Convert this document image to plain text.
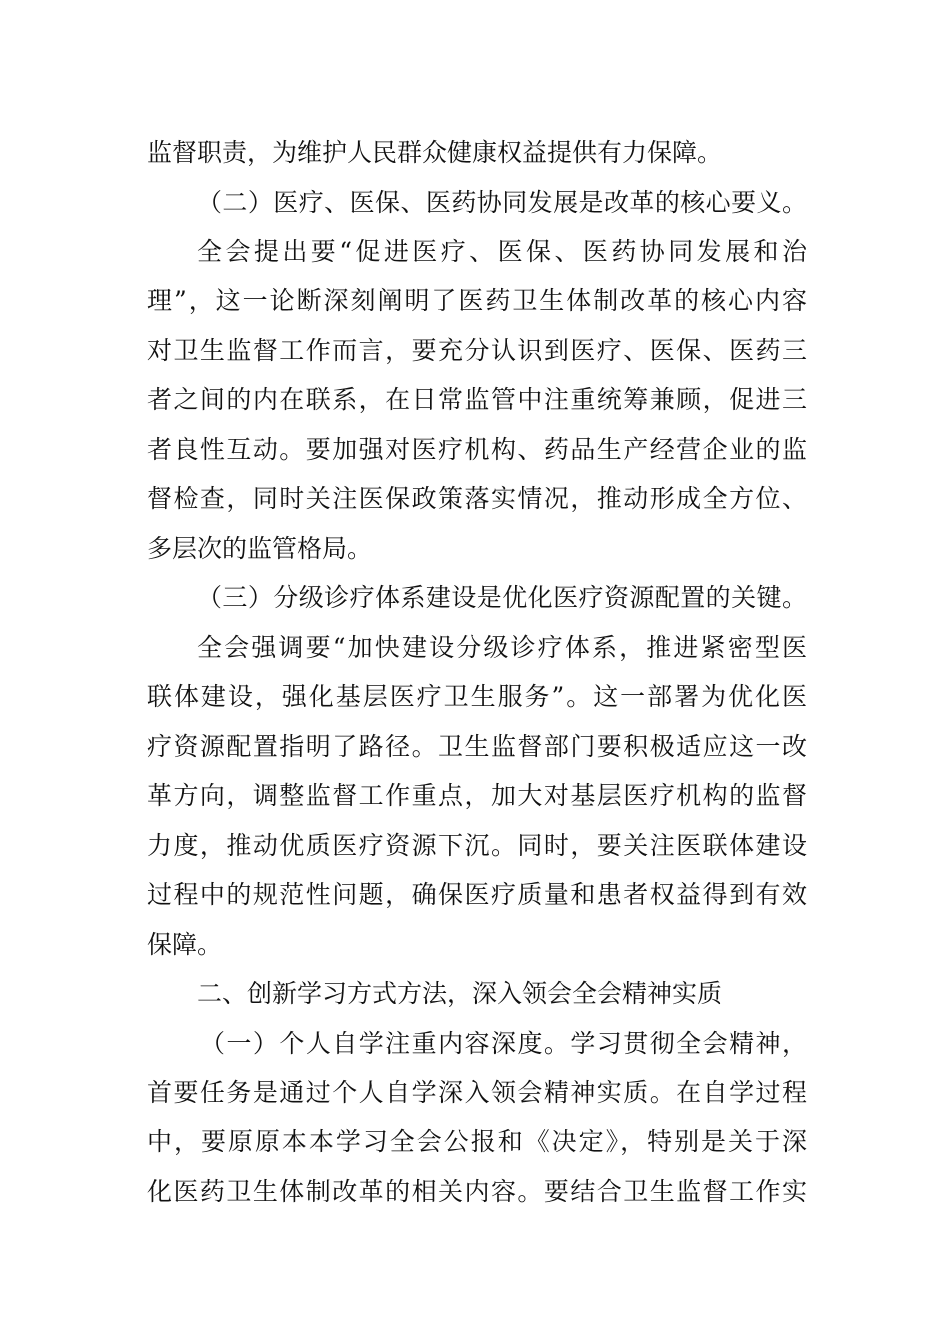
监督职责，为维护人民群众健康权益提供有力保障。
（二）医疗、医保、医药协同发展是改革的核心要义。
全会提出要“促进医疗、医保、医药协同发展和治
理”，这一论断深刻阐明了医药卫生体制改革的核心内容
对卫生监督工作而言，要充分认识到医疗、医保、医药三
者之间的内在联系，在日常监管中注重统筹兼顾，促进三
者良性互动。要加强对医疗机构、药品生产经营企业的监
督检查，同时关注医保政策落实情况，推动形成全方位、
多层次的监管格局。
（三）分级诊疗体系建设是优化医疗资源配置的关键。
全会强调要“加快建设分级诊疗体系，推进紧密型医
联体建设，强化基层医疗卫生服务”。这一部署为优化医
疗资源配置指明了路径。卫生监督部门要积极适应这一改
革方向，调整监督工作重点，加大对基层医疗机构的监督
力度，推动优质医疗资源下沉。同时，要关注医联体建设
过程中的规范性问题，确保医疗质量和患者权益得到有效
保障。
二、创新学习方式方法，深入领会全会精神实质
（一）个人自学注重内容深度。学习贯彻全会精神，
首要任务是通过个人自学深入领会精神实质。在自学过程
中，要原原本本学习全会公报和《决定》，特别是关于深
化医药卫生体制改革的相关内容。要结合卫生监督工作实
